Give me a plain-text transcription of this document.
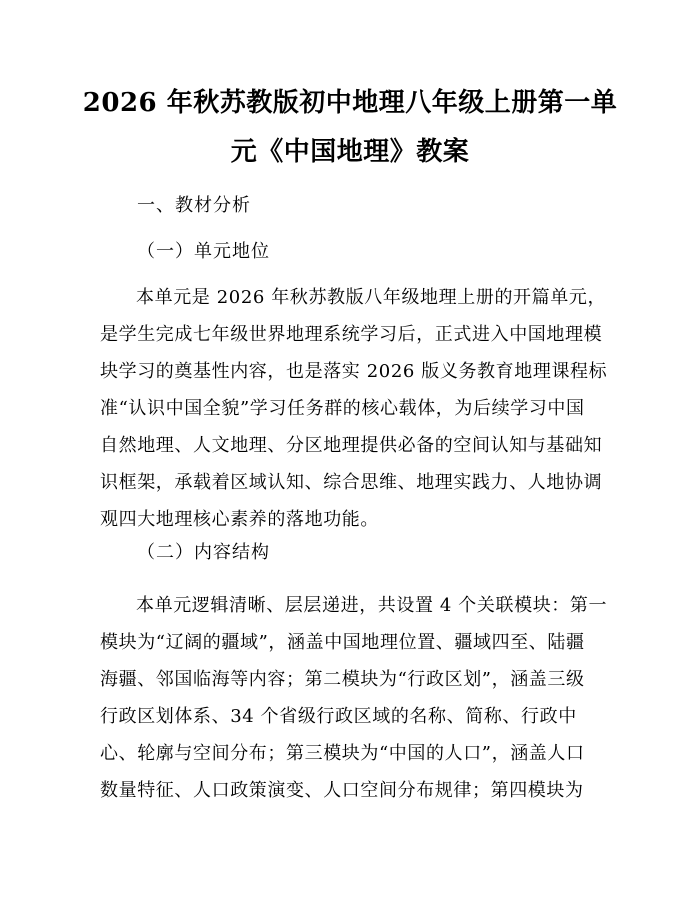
2026 年秋苏教版初中地理八年级上册第一单
元《中国地理》教案
一、教材分析
（一）单元地位
本单元是 2026 年秋苏教版八年级地理上册的开篇单元，
是学生完成七年级世界地理系统学习后，正式进入中国地理模
块学习的奠基性内容，也是落实 2026 版义务教育地理课程标
准“认识中国全貌”学习任务群的核心载体，为后续学习中国
自然地理、人文地理、分区地理提供必备的空间认知与基础知
识框架，承载着区域认知、综合思维、地理实践力、人地协调
观四大地理核心素养的落地功能。
（二）内容结构
本单元逻辑清晰、层层递进，共设置 4 个关联模块：第一
模块为“辽阔的疆域”，涵盖中国地理位置、疆域四至、陆疆
海疆、邻国临海等内容；第二模块为“行政区划”，涵盖三级
行政区划体系、34 个省级行政区域的名称、简称、行政中
心、轮廓与空间分布；第三模块为“中国的人口”，涵盖人口
数量特征、人口政策演变、人口空间分布规律；第四模块为
